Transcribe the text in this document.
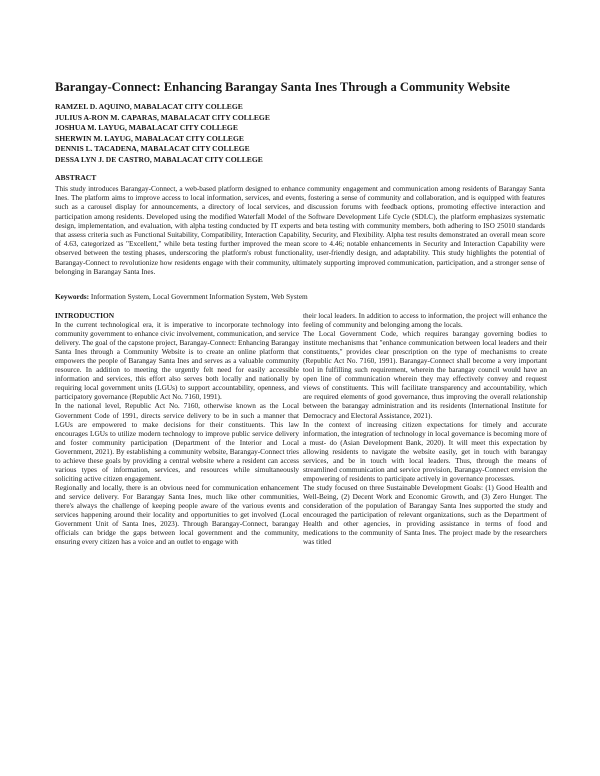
Barangay-Connect: Enhancing Barangay Santa Ines Through a Community Website
RAMZEL D. AQUINO, MABALACAT CITY COLLEGE
JULIUS A-RON M. CAPARAS, MABALACAT CITY COLLEGE
JOSHUA M. LAYUG, MABALACAT CITY COLLEGE
SHERWIN M. LAYUG, MABALACAT CITY COLLEGE
DENNIS L. TACADENA, MABALACAT CITY COLLEGE
DESSA LYN J. DE CASTRO, MABALACAT CITY COLLEGE
ABSTRACT

This study introduces Barangay-Connect, a web-based platform designed to enhance community engagement and communication among residents of Barangay Santa Ines. The platform aims to improve access to local information, services, and events, fostering a sense of community and collaboration, and is equipped with features such as a carousel display for announcements, a directory of local services, and discussion forums with feedback options, promoting effective interaction and participation among residents. Developed using the modified Waterfall Model of the Software Development Life Cycle (SDLC), the platform emphasizes systematic design, implementation, and evaluation, with alpha testing conducted by IT experts and beta testing with community members, both adhering to ISO 25010 standards that assess criteria such as Functional Suitability, Compatibility, Interaction Capability, Security, and Flexibility. Alpha test results demonstrated an overall mean score of 4.63, categorized as "Excellent," while beta testing further improved the mean score to 4.46; notable enhancements in Security and Interaction Capability were observed between the testing phases, underscoring the platform's robust functionality, user-friendly design, and adaptability. This study highlights the potential of Barangay-Connect to revolutionize how residents engage with their community, ultimately supporting improved communication, participation, and a stronger sense of belonging in Barangay Santa Ines.

Keywords: Information System, Local Government Information System, Web System

INTRODUCTION

In the current technological era, it is imperative to incorporate technology into community government to enhance civic involvement, communication, and service delivery. The goal of the capstone project, Barangay-Connect: Enhancing Barangay Santa Ines through a Community Website is to create an online platform that empowers the people of Barangay Santa Ines and serves as a valuable community resource. In addition to meeting the urgently felt need for easily accessible information and services, this effort also serves both locally and nationally by requiring local government units (LGUs) to support accountability, openness, and participatory governance (Republic Act No. 7160, 1991).

In the national level, Republic Act No. 7160, otherwise known as the Local Government Code of 1991, directs service delivery to be in such a manner that LGUs are empowered to make decisions for their constituents. This law encourages LGUs to utilize modern technology to improve public service delivery and foster community participation (Department of the Interior and Local Government, 2021). By establishing a community website, Barangay-Connect tries to achieve these goals by providing a central website where a resident can access various types of information, services, and resources while simultaneously soliciting active citizen engagement.

Regionally and locally, there is an obvious need for communication enhancement and service delivery. For Barangay Santa Ines, much like other communities, there's always the challenge of keeping people aware of the various events and services happening around their locality and opportunities to get involved (Local Government Unit of Santa Ines, 2023). Through Barangay-Connect, barangay officials can bridge the gaps between local government and the community, ensuring every citizen has a voice and an outlet to engage with

their local leaders. In addition to access to information, the project will enhance the feeling of community and belonging among the locals.

The Local Government Code, which requires barangay governing bodies to institute mechanisms that "enhance communication between local leaders and their constituents," provides clear prescription on the type of mechanisms to create (Republic Act No. 7160, 1991). Barangay-Connect shall become a very important tool in fulfilling such requirement, wherein the barangay council would have an open line of communication wherein they may effectively convey and request views of constituents. This will facilitate transparency and accountability, which are required elements of good governance, thus improving the overall relationship between the barangay administration and its residents (International Institute for Democracy and Electoral Assistance, 2021).

In the context of increasing citizen expectations for timely and accurate information, the integration of technology in local governance is becoming more of a must- do (Asian Development Bank, 2020). It will meet this expectation by allowing residents to navigate the website easily, get in touch with barangay services, and be in touch with local leaders. Thus, through the means of streamlined communication and service provision, Barangay-Connect envision the empowering of residents to participate actively in governance processes.

The study focused on three Sustainable Development Goals: (1) Good Health and Well-Being, (2) Decent Work and Economic Growth, and (3) Zero Hunger. The consideration of the population of Barangay Santa Ines supported the study and encouraged the participation of relevant organizations, such as the Department of Health and other agencies, in providing assistance in terms of food and medications to the community of Santa Ines. The project made by the researchers was titled
